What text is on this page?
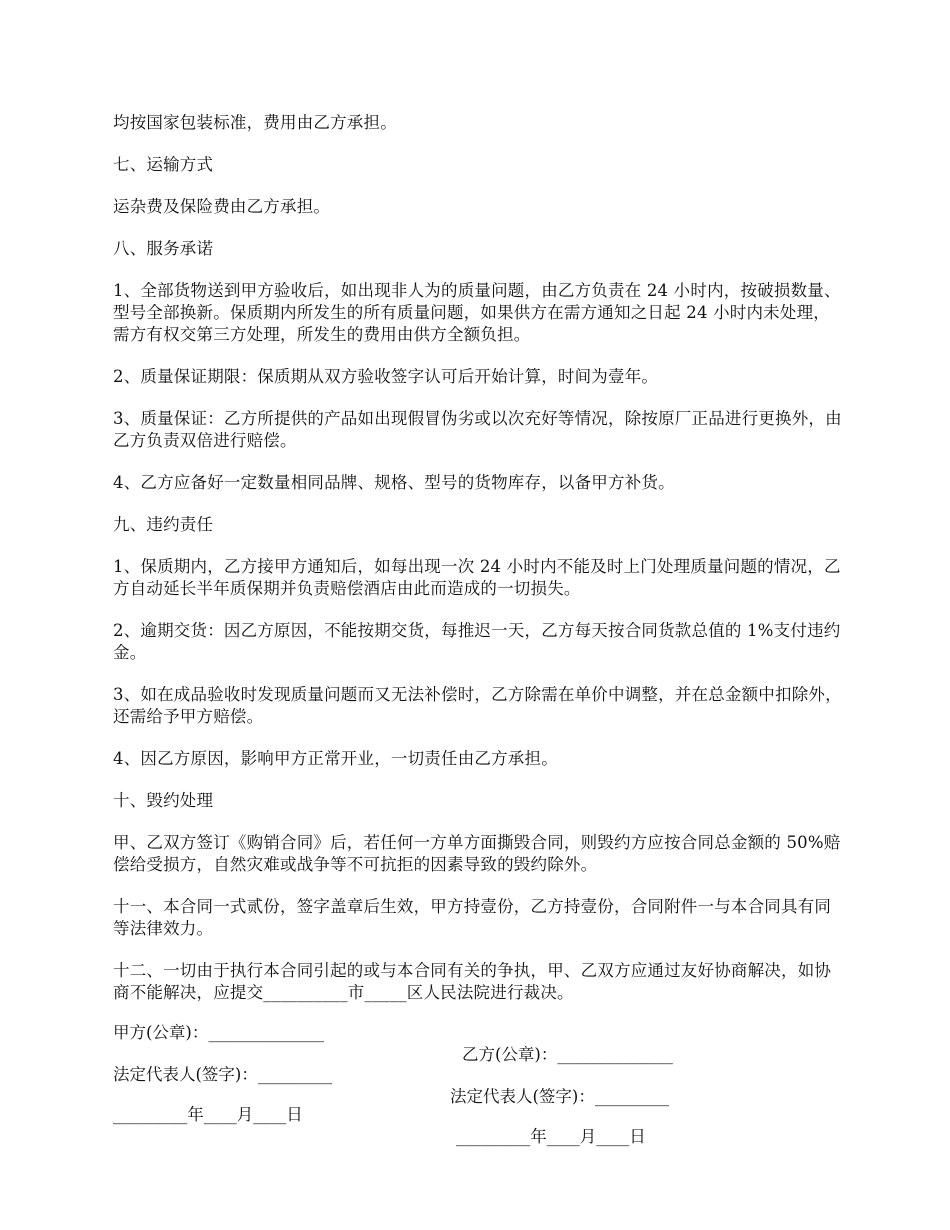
均按国家包装标准，费用由乙方承担。

七、运输方式

运杂费及保险费由乙方承担。

八、服务承诺

1、全部货物送到甲方验收后，如出现非人为的质量问题，由乙方负责在 24 小时内，按破损数量、型号全部换新。保质期内所发生的所有质量问题，如果供方在需方通知之日起 24 小时内未处理，需方有权交第三方处理，所发生的费用由供方全额负担。

2、质量保证期限：保质期从双方验收签字认可后开始计算，时间为壹年。

3、质量保证：乙方所提供的产品如出现假冒伪劣或以次充好等情况，除按原厂正品进行更换外，由乙方负责双倍进行赔偿。

4、乙方应备好一定数量相同品牌、规格、型号的货物库存，以备甲方补货。

九、违约责任

1、保质期内，乙方接甲方通知后，如每出现一次 24 小时内不能及时上门处理质量问题的情况，乙方自动延长半年质保期并负责赔偿酒店由此而造成的一切损失。

2、逾期交货：因乙方原因，不能按期交货，每推迟一天，乙方每天按合同货款总值的 1%支付违约金。

3、如在成品验收时发现质量问题而又无法补偿时，乙方除需在单价中调整，并在总金额中扣除外，还需给予甲方赔偿。

4、因乙方原因，影响甲方正常开业，一切责任由乙方承担。

十、毁约处理

甲、乙双方签订《购销合同》后，若任何一方单方面撕毁合同，则毁约方应按合同总金额的 50%赔偿给受损方，自然灾难或战争等不可抗拒的因素导致的毁约除外。

十一、本合同一式贰份，签字盖章后生效，甲方持壹份，乙方持壹份，合同附件一与本合同具有同等法律效力。

十二、一切由于执行本合同引起的或与本合同有关的争执，甲、乙双方应通过友好协商解决，如协商不能解决，应提交__________市_____区人民法院进行裁决。

甲方(公章)：______________

乙方(公章)：______________

法定代表人(签字)：_________

法定代表人(签字)：_________

_________年____月____日

_________年____月____日
